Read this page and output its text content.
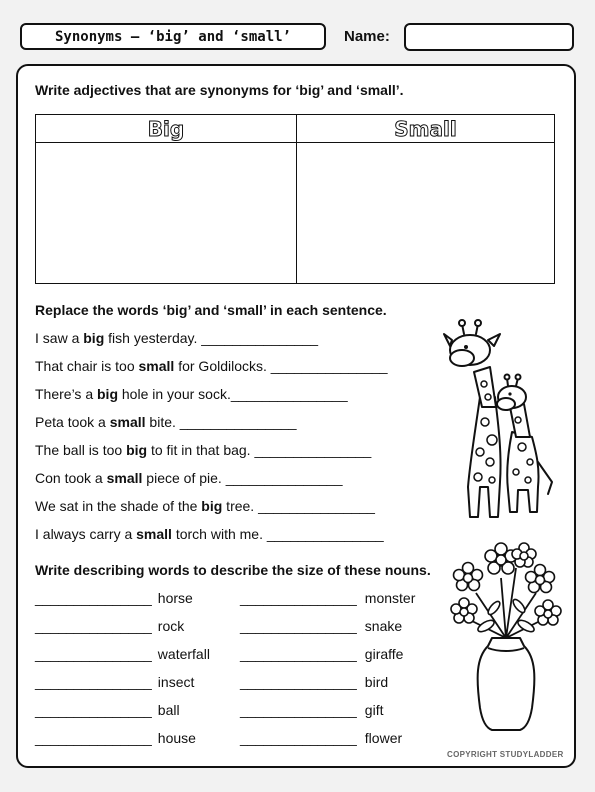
Synonyms – ‘big’ and ‘small’	Name:
Write adjectives that are synonyms for ‘big’ and ‘small’.
Big	Small
Replace the words ‘big’ and ‘small’ in each sentence.
I saw a big fish yesterday. _______________
That chair is too small for Goldilocks. _______________
There’s a big hole in your sock._______________
Peta took a small bite. _______________
The ball is too big to fit in that bag. _______________
Con took a small piece of pie. _______________
We sat in the shade of the big tree. _______________
I always carry a small torch with me. _______________
Write describing words to describe the size of these nouns.
_______________ horse	_______________ monster
_______________ rock	_______________ snake
_______________ waterfall _______________ giraffe
_______________ insect	_______________ bird
_______________ ball	_______________ gift
_______________ house	_______________ flower
COPYRIGHT STUDYLADDER
